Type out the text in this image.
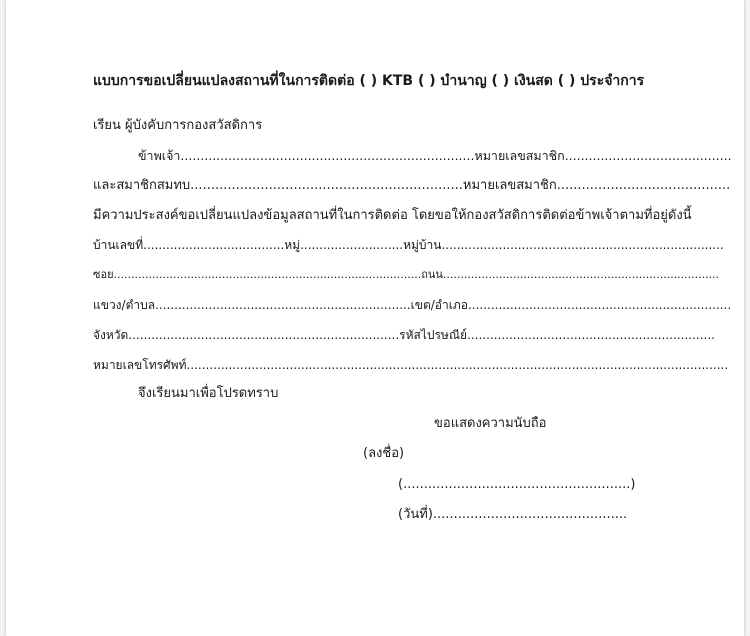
แบบการขอเปลี่ยนแปลงสถานที่ในการติดต่อ ( ) KTB ( ) บำนาญ ( ) เงินสด ( ) ประจำการ
เรียน ผู้บังคับการกองสวัสดิการ
ข้าพเจ้า..........................................................................หมายเลขสมาชิก..........................................
และสมาชิกสมทบ..................................................................หมายเลขสมาชิก..........................................
มีความประสงค์ขอเปลี่ยนแปลงข้อมูลสถานที่ในการติดต่อ โดยขอให้กองสวัสดิการติดต่อข้าพเจ้าตามที่อยู่ดังนี้
บ้านเลขที่.....................................หมู่...........................หมู่บ้าน..........................................................................
ซอย........................................................................................ถนน...............................................................................
แขวง/ตำบล...................................................................เขต/อำเภอ.....................................................................
จังหวัด.......................................................................รหัสไปรษณีย์.................................................................
หมายเลขโทรศัพท์..............................................................................................................................................
จึงเรียนมาเพื่อโปรดทราบ
ขอแสดงความนับถือ
(ลงชื่อ)
(.......................................................)
(วันที่)...............................................
